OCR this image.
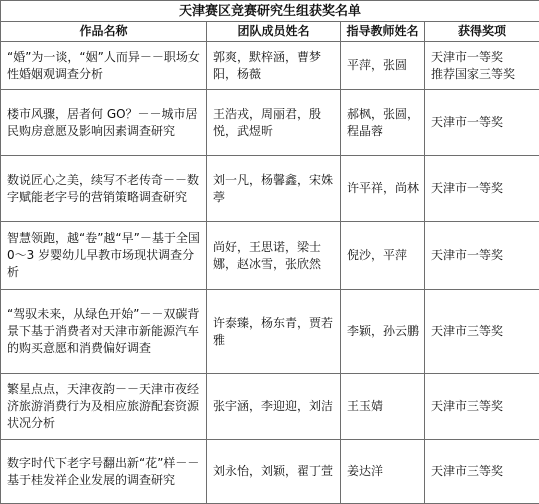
天津赛区竞赛研究生组获奖名单			
作品名称	团队成员姓名	指导教师姓名	获得奖项
“婚”为一谈，“姻”人而异－－职场女性婚姻观调查分析	郭爽，默梓涵，曹梦阳，杨薇	平萍，张圆	天津市一等奖
推荐国家三等奖
楼市风骤，居者何 GO？－－城市居民购房意愿及影响因素调查研究	王浩戎，周丽君，殷悦，武煜昕	郝枫，张圆，程晶蓉	天津市一等奖
数说匠心之美，续写不老传奇－－数字赋能老字号的营销策略调查研究	刘一凡，杨馨鑫，宋姝葶	许平祥，尚林	天津市一等奖
智慧领跑，越“卷”越“早”－基于全国 0～3 岁婴幼儿早教市场现状调查分析	尚好，王思诺，梁士娜，赵冰雪，张欣然	倪沙，平萍	天津市一等奖
“驾驭未来，从绿色开始”－－双碳背景下基于消费者对天津市新能源汽车的购买意愿和消费偏好调查	许泰臻，杨东青，贾若雅	李颖，孙云鹏	天津市三等奖
繁星点点，天津夜韵－－天津市夜经济旅游消费行为及相应旅游配套资源状况分析	张宇涵，李迎迎，刘洁	王玉婧	天津市三等奖
数字时代下老字号翻出新“花”样－－基于桂发祥企业发展的调查研究	刘永怡，刘颖，翟丁萱	姜达洋	天津市三等奖
